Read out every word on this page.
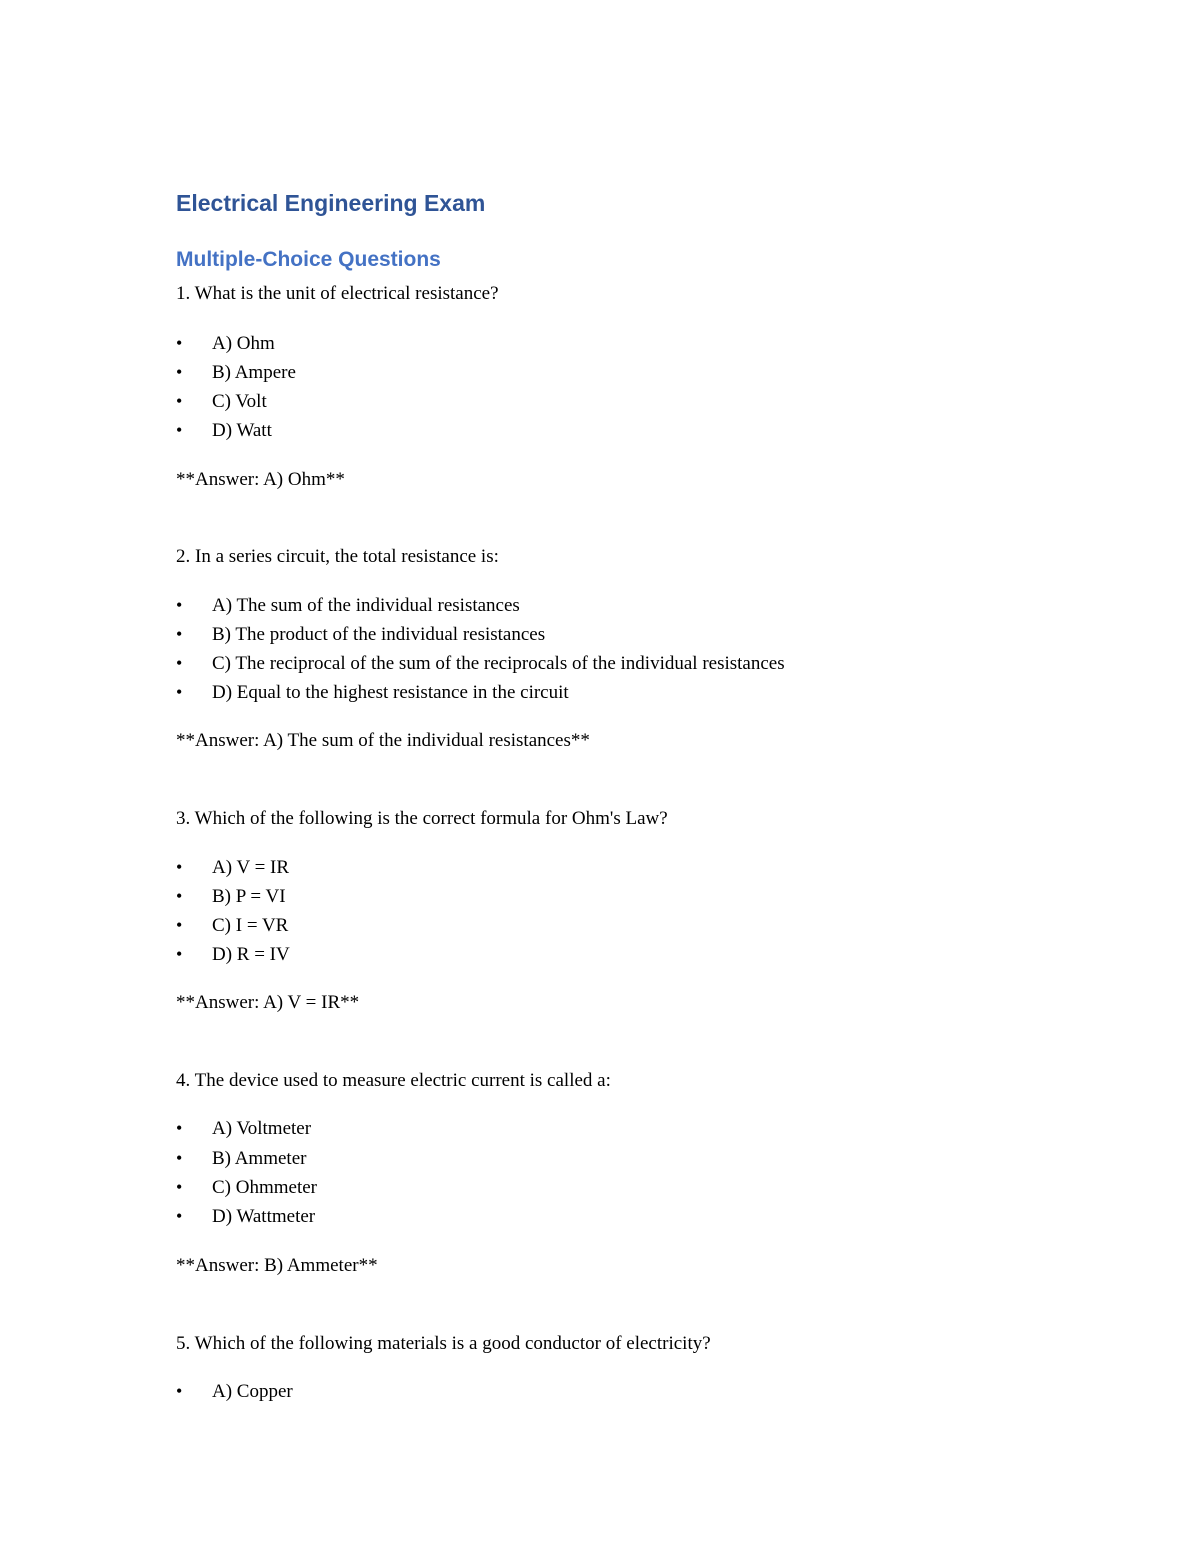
Electrical Engineering Exam
Multiple-Choice Questions

1. What is the unit of electrical resistance?

• A) Ohm

• B) Ampere

• C) Volt

• D) Watt

**Answer: A) Ohm**

2. In a series circuit, the total resistance is:

• A) The sum of the individual resistances

• B) The product of the individual resistances

• C) The reciprocal of the sum of the reciprocals of the individual resistances

• D) Equal to the highest resistance in the circuit

**Answer: A) The sum of the individual resistances**

3. Which of the following is the correct formula for Ohm's Law?

• A) V = IR

• B) P = VI

• C) I = VR

• D) R = IV

**Answer: A) V = IR**

4. The device used to measure electric current is called a:

• A) Voltmeter

• B) Ammeter

• C) Ohmmeter

• D) Wattmeter

**Answer: B) Ammeter**

5. Which of the following materials is a good conductor of electricity?

• A) Copper
